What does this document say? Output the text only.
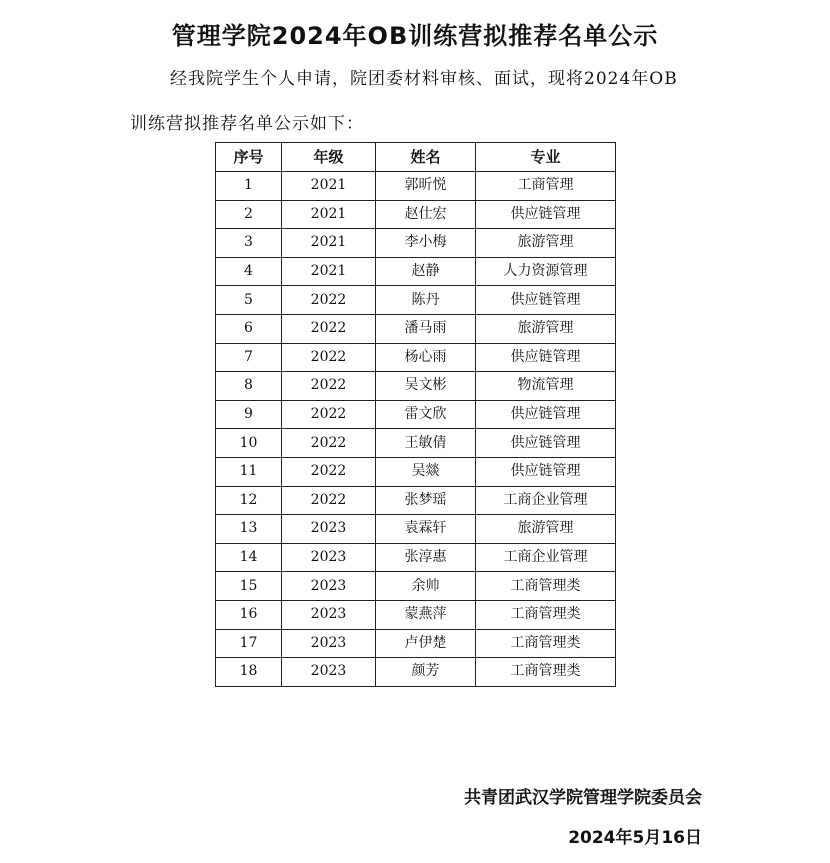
管理学院2024年OB训练营拟推荐名单公示

经我院学生个人申请，院团委材料审核、面试，现将2024年OB

训练营拟推荐名单公示如下：

序号	年级	姓名	专业
1	2021	郭昕悦	工商管理
2	2021	赵仕宏	供应链管理
3	2021	李小梅	旅游管理
4	2021	赵静	人力资源管理
5	2022	陈丹	供应链管理
6	2022	潘马雨	旅游管理
7	2022	杨心雨	供应链管理
8	2022	吴文彬	物流管理
9	2022	雷文欣	供应链管理
10	2022	王敏倩	供应链管理
11	2022	吴燚	供应链管理
12	2022	张梦瑶	工商企业管理
13	2023	袁霖轩	旅游管理
14	2023	张淳惠	工商企业管理
15	2023	余帅	工商管理类
16	2023	蒙燕萍	工商管理类
17	2023	卢伊楚	工商管理类
18	2023	颜芳	工商管理类

共青团武汉学院管理学院委员会

2024年5月16日
